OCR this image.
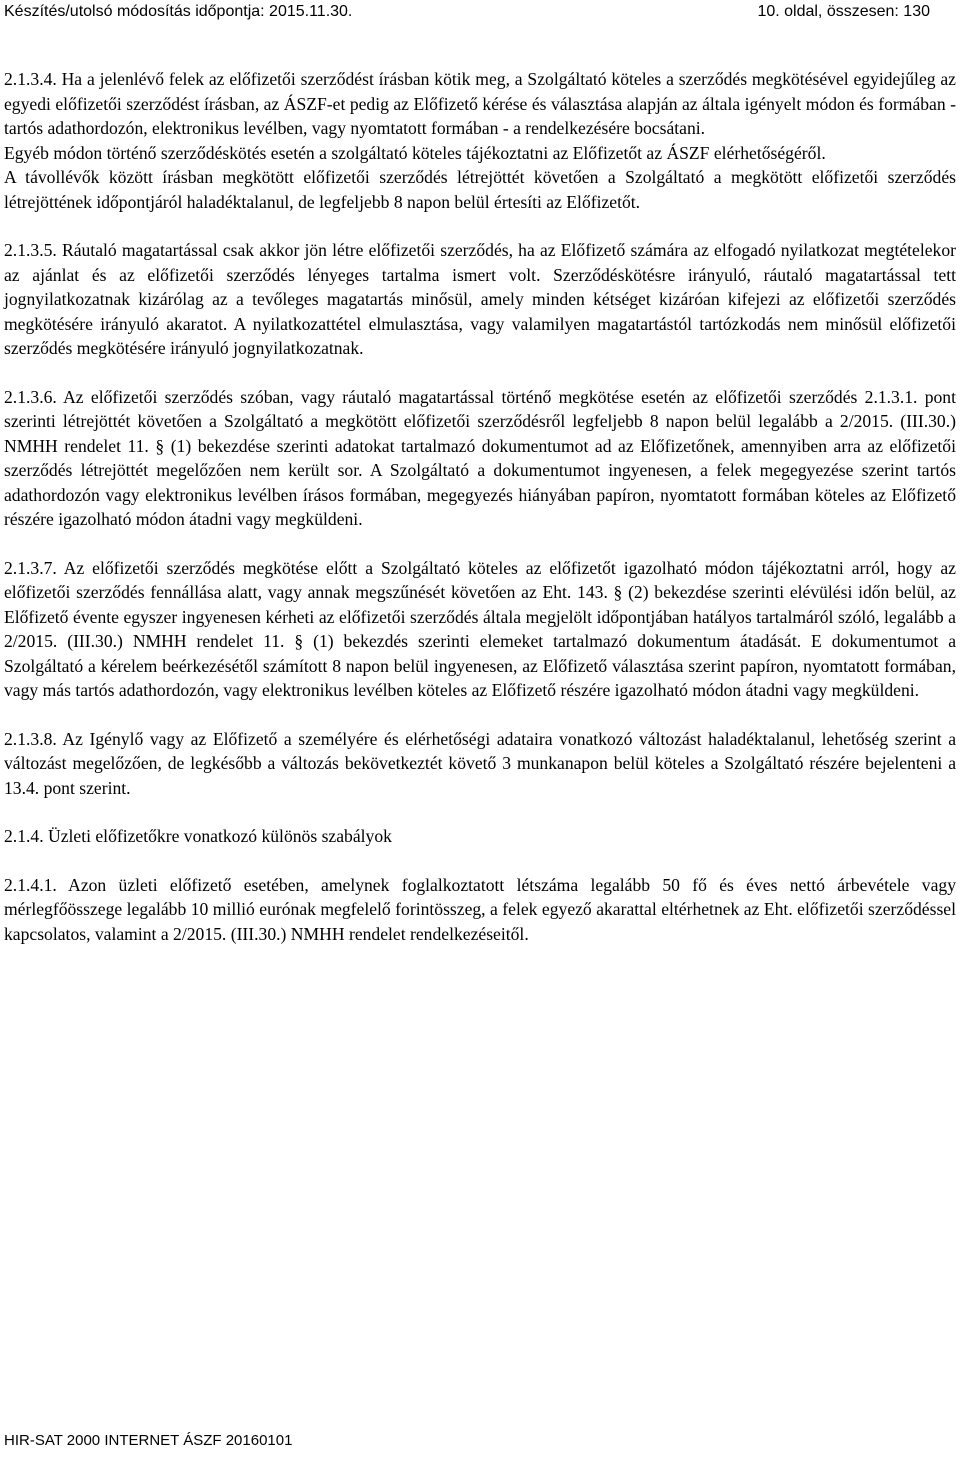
Készítés/utolsó módosítás időpontja: 2015.11.30.	10. oldal, összesen: 130

2.1.3.4. Ha a jelenlévő felek az előfizetői szerződést írásban kötik meg, a Szolgáltató köteles a szerződés megkötésével egyidejűleg az egyedi előfizetői szerződést írásban, az ÁSZF-et pedig az Előfizető kérése és választása alapján az általa igényelt módon és formában - tartós adathordozón, elektronikus levélben, vagy nyomtatott formában - a rendelkezésére bocsátani.

Egyéb módon történő szerződéskötés esetén a szolgáltató köteles tájékoztatni az Előfizetőt az ÁSZF elérhetőségéről.

A távollévők között írásban megkötött előfizetői szerződés létrejöttét követően a Szolgáltató a megkötött előfizetői szerződés létrejöttének időpontjáról haladéktalanul, de legfeljebb 8 napon belül értesíti az Előfizetőt.

2.1.3.5. Ráutaló magatartással csak akkor jön létre előfizetői szerződés, ha az Előfizető számára az elfogadó nyilatkozat megtételekor az ajánlat és az előfizetői szerződés lényeges tartalma ismert volt. Szerződéskötésre irányuló, ráutaló magatartással tett jognyilatkozatnak kizárólag az a tevőleges magatartás minősül, amely minden kétséget kizáróan kifejezi az előfizetői szerződés megkötésére irányuló akaratot. A nyilatkozattétel elmulasztása, vagy valamilyen magatartástól tartózkodás nem minősül előfizetői szerződés megkötésére irányuló jognyilatkozatnak.

2.1.3.6. Az előfizetői szerződés szóban, vagy ráutaló magatartással történő megkötése esetén az előfizetői szerződés 2.1.3.1. pont szerinti létrejöttét követően a Szolgáltató a megkötött előfizetői szerződésről legfeljebb 8 napon belül legalább a 2/2015. (III.30.) NMHH rendelet 11. § (1) bekezdése szerinti adatokat tartalmazó dokumentumot ad az Előfizetőnek, amennyiben arra az előfizetői szerződés létrejöttét megelőzően nem került sor. A Szolgáltató a dokumentumot ingyenesen, a felek megegyezése szerint tartós adathordozón vagy elektronikus levélben írásos formában, megegyezés hiányában papíron, nyomtatott formában köteles az Előfizető részére igazolható módon átadni vagy megküldeni.

2.1.3.7. Az előfizetői szerződés megkötése előtt a Szolgáltató köteles az előfizetőt igazolható módon tájékoztatni arról, hogy az előfizetői szerződés fennállása alatt, vagy annak megszűnését követően az Eht. 143. § (2) bekezdése szerinti elévülési időn belül, az Előfizető évente egyszer ingyenesen kérheti az előfizetői szerződés általa megjelölt időpontjában hatályos tartalmáról szóló, legalább a 2/2015. (III.30.) NMHH rendelet 11. § (1) bekezdés szerinti elemeket tartalmazó dokumentum átadását. E dokumentumot a Szolgáltató a kérelem beérkezésétől számított 8 napon belül ingyenesen, az Előfizető választása szerint papíron, nyomtatott formában, vagy más tartós adathordozón, vagy elektronikus levélben köteles az Előfizető részére igazolható módon átadni vagy megküldeni.

2.1.3.8. Az Igénylő vagy az Előfizető a személyére és elérhetőségi adataira vonatkozó változást haladéktalanul, lehetőség szerint a változást megelőzően, de legkésőbb a változás bekövetkeztét követő 3 munkanapon belül köteles a Szolgáltató részére bejelenteni a 13.4. pont szerint.

2.1.4. Üzleti előfizetőkre vonatkozó különös szabályok

2.1.4.1. Azon üzleti előfizető esetében, amelynek foglalkoztatott létszáma legalább 50 fő és éves nettó árbevétele vagy mérlegfőösszege legalább 10 millió eurónak megfelelő forintösszeg, a felek egyező akarattal eltérhetnek az Eht. előfizetői szerződéssel kapcsolatos, valamint a 2/2015. (III.30.) NMHH rendelet rendelkezéseitől.

HIR-SAT 2000 INTERNET ÁSZF 20160101
